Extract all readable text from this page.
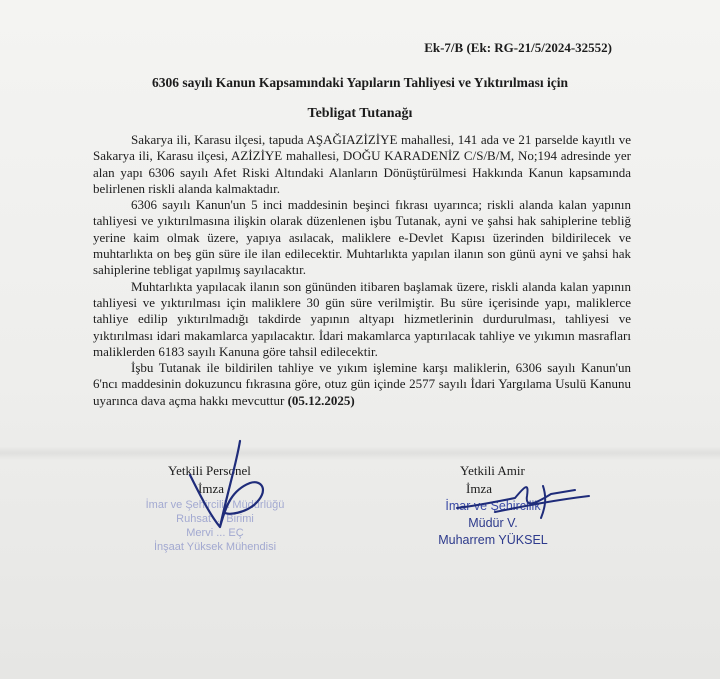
Ek-7/B (Ek: RG-21/5/2024-32552)
6306 sayılı Kanun Kapsamındaki Yapıların Tahliyesi ve Yıktırılması için
Tebligat Tutanağı

Sakarya ili, Karasu ilçesi, tapuda AŞAĞIAZİZİYE mahallesi, 141 ada ve 21 parselde kayıtlı ve Sakarya ili, Karasu ilçesi, AZİZİYE mahallesi, DOĞU KARADENİZ C/S/B/M, No;194 adresinde yer alan yapı 6306 sayılı Afet Riski Altındaki Alanların Dönüştürülmesi Hakkında Kanun kapsamında belirlenen riskli alanda kalmaktadır.

6306 sayılı Kanun'un 5 inci maddesinin beşinci fıkrası uyarınca; riskli alanda kalan yapının tahliyesi ve yıktırılmasına ilişkin olarak düzenlenen işbu Tutanak, ayni ve şahsi hak sahiplerine tebliğ yerine kaim olmak üzere, yapıya asılacak, maliklere e-Devlet Kapısı üzerinden bildirilecek ve muhtarlıkta on beş gün süre ile ilan edilecektir. Muhtarlıkta yapılan ilanın son günü ayni ve şahsi hak sahiplerine tebligat yapılmış sayılacaktır.

Muhtarlıkta yapılacak ilanın son gününden itibaren başlamak üzere, riskli alanda kalan yapının tahliyesi ve yıktırılması için maliklere 30 gün süre verilmiştir. Bu süre içerisinde yapı, maliklerce tahliye edilip yıktırılmadığı takdirde yapının altyapı hizmetlerinin durdurulması, tahliyesi ve yıktırılması idari makamlarca yapılacaktır. İdari makamlarca yaptırılacak tahliye ve yıkımın masrafları maliklerden 6183 sayılı Kanuna göre tahsil edilecektir.

İşbu Tutanak ile bildirilen tahliye ve yıkım işlemine karşı maliklerin, 6306 sayılı Kanun'un 6'ncı maddesinin dokuzuncu fıkrasına göre, otuz gün içinde 2577 sayılı İdari Yargılama Usulü Kanunu uyarınca dava açma hakkı mevcuttur (05.12.2025)

Yetkili Personel
İmza
İmar ve Şehircilik Müdürlüğü
Ruhsat ... Birimi
Mervi ... EÇ
İnşaat Yüksek Mühendisi
Yetkili Amir
İmza
İmar ve Şehircilik
Müdür V.
Muharrem YÜKSEL
